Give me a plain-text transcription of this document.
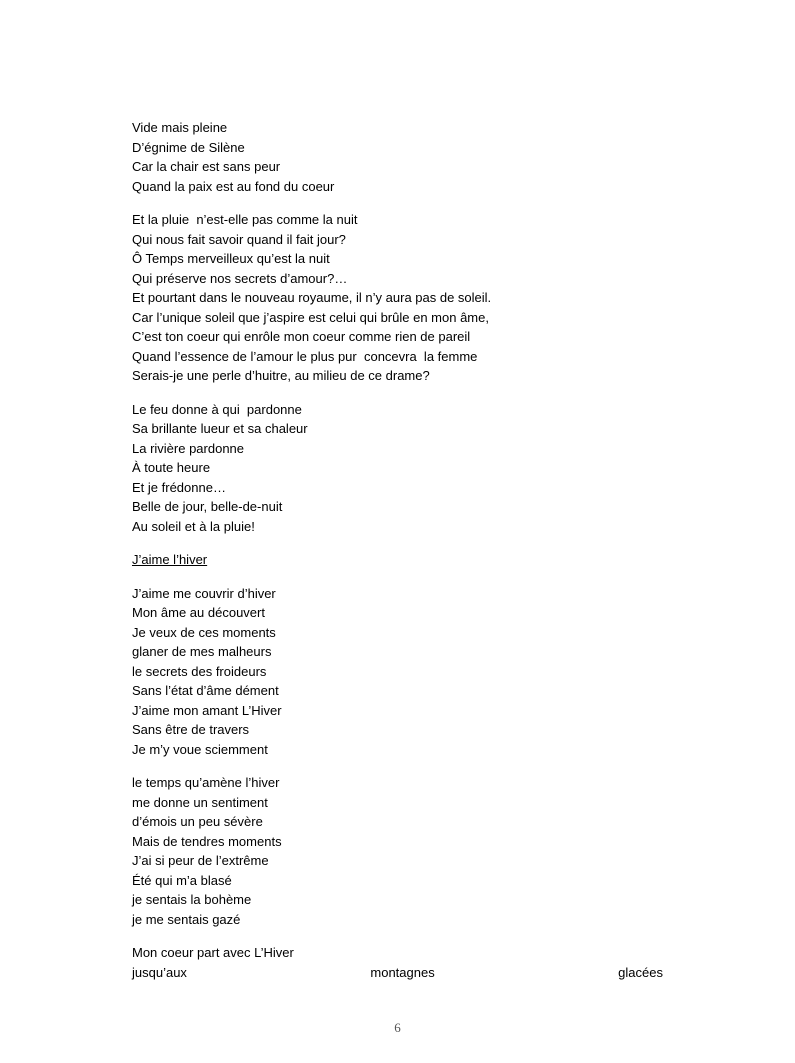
Vide mais pleine
D’égnime de Silène
Car la chair est sans peur
Quand la paix est au fond du coeur
Et la pluie  n’est-elle pas comme la nuit
Qui nous fait savoir quand il fait jour?
Ô Temps merveilleux qu’est la nuit
Qui préserve nos secrets d’amour?…
Et pourtant dans le nouveau royaume, il n’y aura pas de soleil.
Car l’unique soleil que j’aspire est celui qui brûle en mon âme,
C’est ton coeur qui enrôle mon coeur comme rien de pareil
Quand l’essence de l’amour le plus pur  concevra  la femme
Serais-je une perle d’huitre, au milieu de ce drame?
Le feu donne à qui  pardonne
Sa brillante lueur et sa chaleur
La rivière pardonne
À toute heure
Et je frédonne…
Belle de jour, belle-de-nuit
Au soleil et à la pluie!
J’aime l’hiver
J’aime me couvrir d’hiver
Mon âme au découvert
Je veux de ces moments
glaner de mes malheurs
le secrets des froideurs
Sans l’état d’âme dément
J’aime mon amant L’Hiver
Sans être de travers
Je m’y voue sciemment
le temps qu’amène l’hiver
me donne un sentiment
d’émois un peu sévère
Mais de tendres moments
J’ai si peur de l’extrême
Été qui m’a blasé
je sentais la bohème
je me sentais gazé
Mon coeur part avec L’Hiver
jusqu’aux	montagnes	glacées
6
